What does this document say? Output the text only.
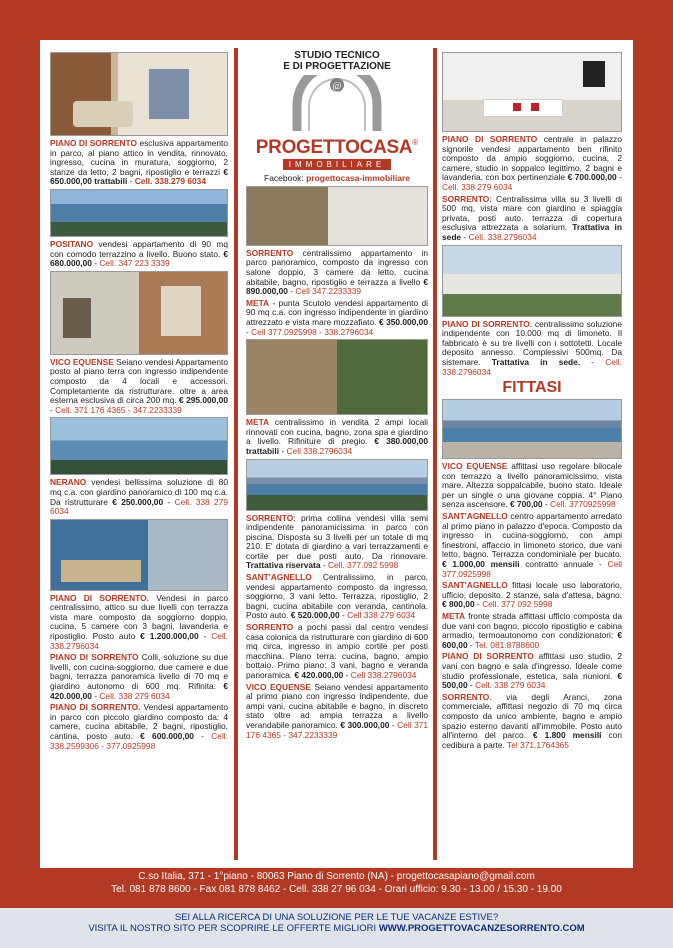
PIANO DI SORRENTO esclusiva appartamento in parco, al piano attico in vendita, rinnovato, ingresso, cucina in muratura, soggiorno, 2 stanze da letto, 2 bagni, ripostiglio e terrazzi € 650.000,00 trattabili - Cell. 338.279 6034
POSITANO vendesi appartamento di 90 mq con comodo terrazzino a livello. Buono stato. € 680.000,00 - Cell. 347 223 3339
VICO EQUENSE Seiano vendesi Appartamento posto al piano terra con ingresso indipendente composto da 4 locali e accessori. Completamente da ristrutturare. oltre a area esterna esclusiva di circa 200 mq. € 295.000,00 - Cell. 371 176 4365 - 347.2233339
NERANO vendesi bellissima soluzione di 80 mq c.a. con giardino panoramico di 100 mq c.a. Da ristrutturare € 250.000,00 - Cell. 338 279 6034
PIANO DI SORRENTO. Vendesi in parco centralissimo, attico su due livelli con terrazza vista mare composto da soggiorno doppio, cucina, 5 camere con 3 bagni, lavanderia e ripostiglio. Posto auto € 1.200.000,00 - Cell. 338.2796034
PIANO DI SORRENTO Colli, soluzione su due livelli, con cucina-soggiorno, due camere e due bagni, terrazza panoramica livello di 70 mq e giardino autonomo di 600 mq. Rifinita. € 420.000,00 - Cell. 338 279 6034
PIANO DI SORRENTO. Vendesi appartamento in parco con piccolo giardino composto da: 4 camere, cucina abitabile, 2 bagni, ripostiglio, cantina, posto auto. € 600.000,00 - Cell. 338.2599306 - 377.0925998
STUDIO TECNICO
E DI PROGETTAZIONE
@
PROGETTOCASA®
IMMOBILIARE
Facebook: progettocasa-immobiliare
SORRENTO centralissimo appartamento in parco panoramico, composto da ingresso con salone doppio, 3 camere da letto, cucina abitabile, bagno, ripostiglio e terrazza a livello € 890.000,00 - Cell 347.2233339
META - punta Scutolo vendesi appartamento di 90 mq c.a. con ingresso indipendente in giardino attrezzato e vista mare mozzafiato. € 350.000,00 - Cell 377.0925998 - 338.2796034
META centralissimo in vendita 2 ampi locali rinnovati con cucina, bagno, zona spa e giardino a livello. Rifiniture di pregio. € 380.000,00 trattabili - Cell 338.2796034
SORRENTO: prima collina vendesi villa semi indipendente panoramicissima in parco con piscina. Disposta su 3 livelli per un totale di mq 210. E' dotata di giardino a vari terrazzamenti e cortile per due posti auto. Da rinnovare. Trattativa riservata - Cell. 377.092 5998
SANT'AGNELLO Centralissimo, in parco, vendesi appartamento composto da ingresso, soggiorno, 3 vani letto. Terrazza, ripostiglio, 2 bagni, cucina abitabile con veranda, cantinola. Posto auto. € 520.000,00 - Cell 338 279 6034
SORRENTO a pochi passi dal centro vendesi casa colonica da ristrutturare con giardino di 600 mq circa, ingresso in ampio cortile per posti macchina. Piano terra: cucina, bagno, ampio bottaio. Primo piano: 3 vani, bagno e veranda panoramica. € 420.000,00 - Cell 338.2796034
VICO EQUENSE Seiano vendesi appartamento al primo piano con ingresso indipendente, due ampi vani, cucina abitabile e bagno, in discreto stato oltre ad ampia terrazza a livello verandabile panoramico. € 300.000,00 - Cell 371 176 4365 - 347.2233339
PIANO DI SORRENTO centrale in palazzo signorile vendesi appartamento ben rifinito composto da ampio soggiorno, cucina, 2 camere, studio in soppalco legittimo, 2 bagni e lavanderia. con box pertinenziale € 700.000,00 - Cell. 338 279 6034
SORRENTO: Centralissima villa su 3 livelli di 500 mq, vista mare con giardino e spiaggia privata, posti auto. terrazza di copertura esclusiva attrezzata a solarium. Trattativa in sede - Cell. 338.2796034
PIANO DI SORRENTO. centralissimo soluzione indipendente con 10.000 mq di limoneto. Il fabbricato è su tre livelli con i sottotetti. Locale deposito annesso. Complessivi 500mq. Da sistemare. Trattativa in sede. - Cell. 338.2796034
FITTASI
VICO EQUENSE affittasi uso regolare bilocale con terrazzo a livello panoramicissimo, vista mare. Altezza soppalcabile, buono stato. Ideale per un single o una giovane coppia. 4° Piano senza ascensore. € 700,00 - Cell. 3770925998
SANT'AGNELLO centro appartamento arredato al primo piano in palazzo d'epoca. Composto da ingresso in cucina-soggiorno, con ampi finestroni, affaccio in limoneto storico, due vani letto, bagno. Terrazza condominiale per bucato. € 1.000,00 mensili contratto annuale - Cell 377.0925998
SANT'AGNELLO fittasi locale uso laboratorio, ufficio, deposito. 2 stanze, sala d'attesa, bagno. € 800,00 - Cell. 377 092 5998
META fronte strada affittasi ufficio composta da due vani con bagno, piccolo ripostiglio e cabina armadio, termoautonomo con condizionatori; € 600,00 - Tel. 081.8788600
PIANO DI SORRENTO affittasi uso studio, 2 vani con bagno e sala d'ingresso. Ideale come studio professionale, estetica, sala riunioni. € 500,00 - Cell. 338 279 6034
SORRENTO. via degli Aranci, zona commerciale, affittasi negozio di 70 mq circa composto da unico ambiente, bagno e ampio spazio esterno davanti all'immobile. Posto auto all'interno del parco. € 1.800 mensili con cedibura a parte. Tel 371.1764365
C.so Italia, 371 - 1°piano - 80063 Piano di Sorrento (NA) - progettocasapiano@gmail.com
Tel. 081 878 8600 - Fax 081 878 8462 - Cell. 338 27 96 034 - Orari ufficio: 9.30 - 13.00 / 15.30 - 19.00
SEI ALLA RICERCA DI UNA SOLUZIONE PER LE TUE VACANZE ESTIVE?
VISITA IL NOSTRO SITO PER SCOPRIRE LE OFFERTE MIGLIORI WWW.PROGETTOVACANZESORRENTO.COM
